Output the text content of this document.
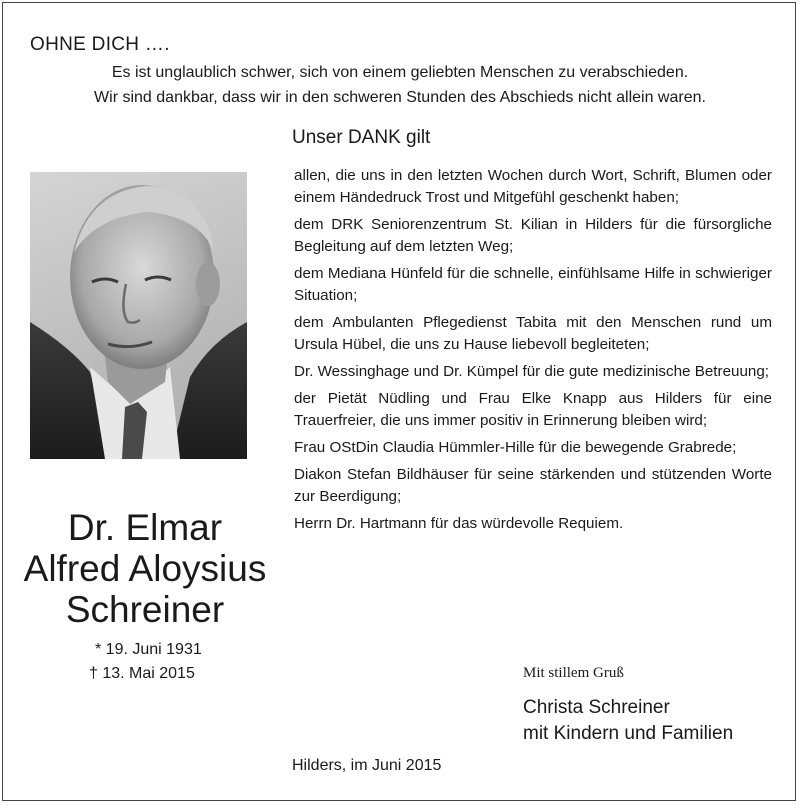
OHNE DICH ….
Es ist unglaublich schwer, sich von einem geliebten Menschen zu verabschieden.
Wir sind dankbar, dass wir in den schweren Stunden des Abschieds nicht allein waren.
Unser DANK gilt
allen, die uns in den letzten Wochen durch Wort, Schrift, Blumen oder einem Händedruck Trost und Mitgefühl geschenkt haben;
dem DRK Seniorenzentrum St. Kilian in Hilders für die fürsorgliche Begleitung auf dem letzten Weg;
dem Mediana Hünfeld für die schnelle, einfühlsame Hilfe in schwieriger Situation;
dem Ambulanten Pflegedienst Tabita mit den Menschen rund um Ursula Hübel, die uns zu Hause liebevoll begleiteten;
Dr. Wessinghage und Dr. Kümpel für die gute medizinische Betreuung;
der Pietät Nüdling und Frau Elke Knapp aus Hilders für eine Trauerfreier, die uns immer positiv in Erinnerung bleiben wird;
Frau OStDin Claudia Hümmler-Hille für die bewegende Grabrede;
Diakon Stefan Bildhäuser für seine stärkenden und stützenden Worte zur Beerdigung;
Herrn Dr. Hartmann für das würdevolle Requiem.
Dr. Elmar
Alfred Aloysius
Schreiner
* 19. Juni 1931
† 13. Mai 2015	Mit stillem Gruß
Christa Schreiner
mit Kindern und Familien
Hilders, im Juni 2015
